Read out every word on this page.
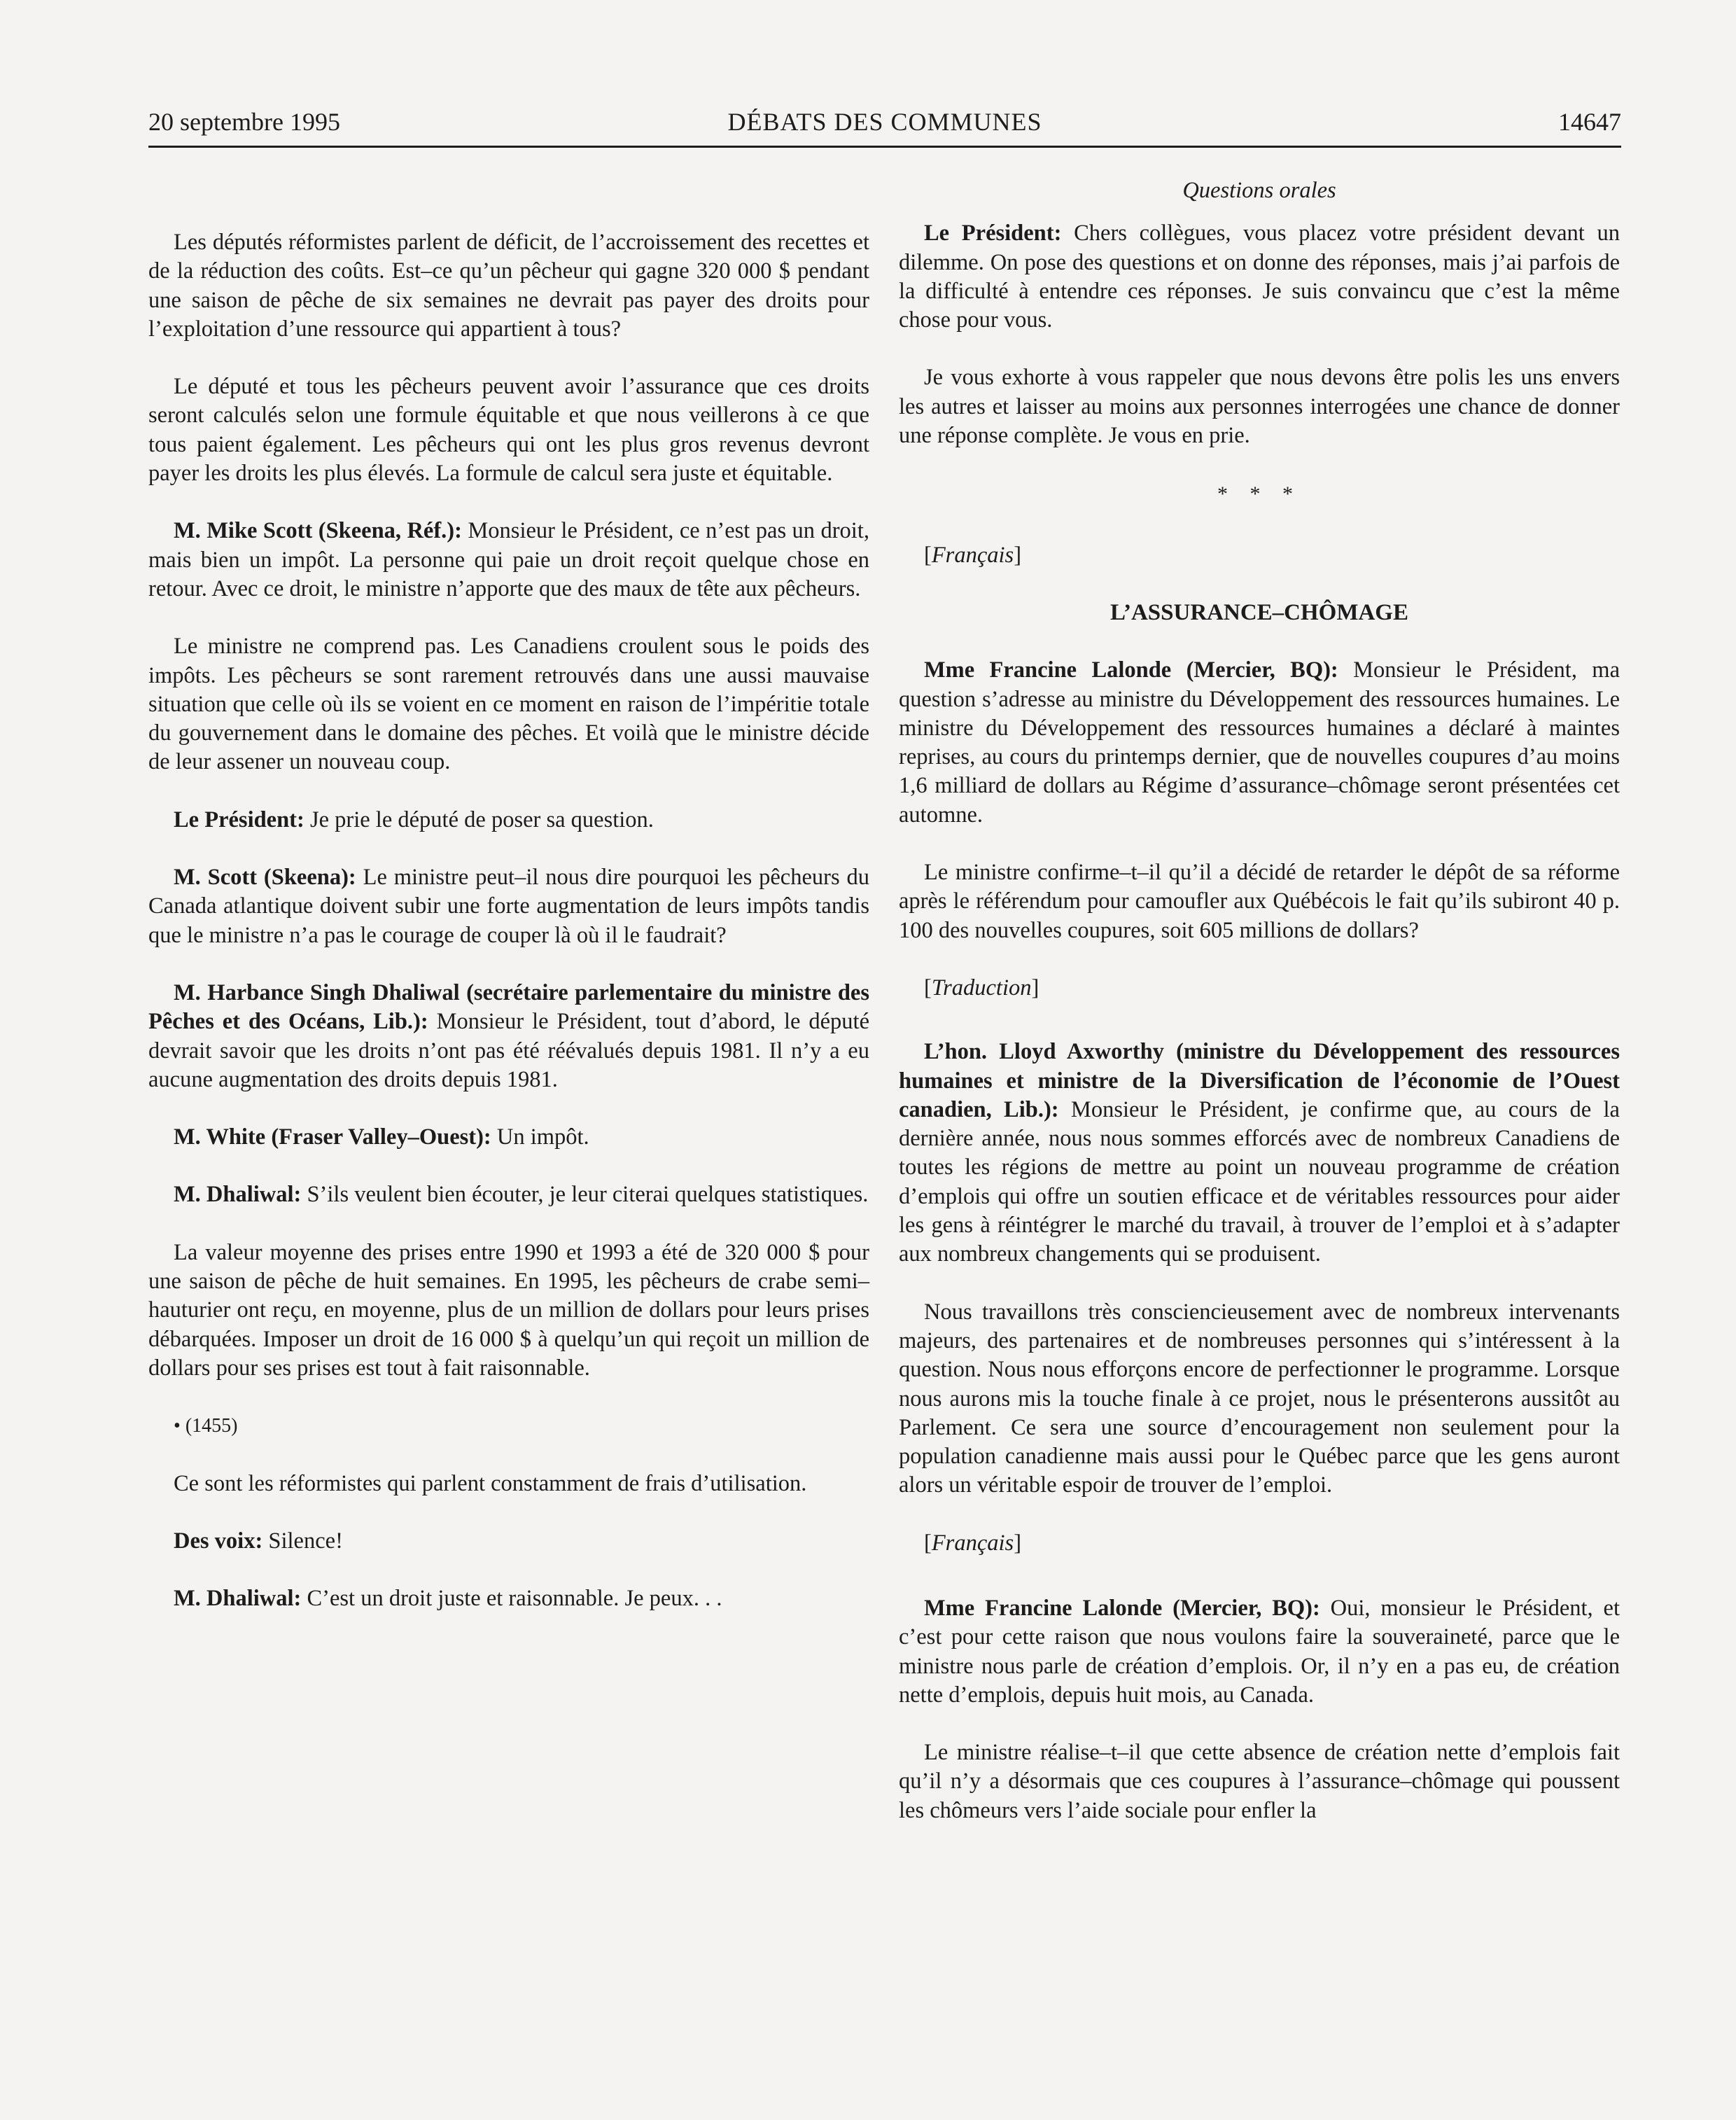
20 septembre 1995	DÉBATS DES COMMUNES	14647

Les députés réformistes parlent de déficit, de l’accroissement des recettes et de la réduction des coûts. Est–ce qu’un pêcheur qui gagne 320 000 $ pendant une saison de pêche de six semaines ne devrait pas payer des droits pour l’exploitation d’une ressource qui appartient à tous?

Le député et tous les pêcheurs peuvent avoir l’assurance que ces droits seront calculés selon une formule équitable et que nous veillerons à ce que tous paient également. Les pêcheurs qui ont les plus gros revenus devront payer les droits les plus élevés. La formule de calcul sera juste et équitable.

M. Mike Scott (Skeena, Réf.): Monsieur le Président, ce n’est pas un droit, mais bien un impôt. La personne qui paie un droit reçoit quelque chose en retour. Avec ce droit, le ministre n’apporte que des maux de tête aux pêcheurs.

Le ministre ne comprend pas. Les Canadiens croulent sous le poids des impôts. Les pêcheurs se sont rarement retrouvés dans une aussi mauvaise situation que celle où ils se voient en ce moment en raison de l’impéritie totale du gouvernement dans le domaine des pêches. Et voilà que le ministre décide de leur assener un nouveau coup.

Le Président: Je prie le député de poser sa question.

M. Scott (Skeena): Le ministre peut–il nous dire pourquoi les pêcheurs du Canada atlantique doivent subir une forte augmentation de leurs impôts tandis que le ministre n’a pas le courage de couper là où il le faudrait?

M. Harbance Singh Dhaliwal (secrétaire parlementaire du ministre des Pêches et des Océans, Lib.): Monsieur le Président, tout d’abord, le député devrait savoir que les droits n’ont pas été réévalués depuis 1981. Il n’y a eu aucune augmentation des droits depuis 1981.

M. White (Fraser Valley–Ouest): Un impôt.

M. Dhaliwal: S’ils veulent bien écouter, je leur citerai quelques statistiques.

La valeur moyenne des prises entre 1990 et 1993 a été de 320 000 $ pour une saison de pêche de huit semaines. En 1995, les pêcheurs de crabe semi–hauturier ont reçu, en moyenne, plus de un million de dollars pour leurs prises débarquées. Imposer un droit de 16 000 $ à quelqu’un qui reçoit un million de dollars pour ses prises est tout à fait raisonnable.

• (1455)

Ce sont les réformistes qui parlent constamment de frais d’utilisation.

Des voix: Silence!

M. Dhaliwal: C’est un droit juste et raisonnable. Je peux. . .

Questions orales

Le Président: Chers collègues, vous placez votre président devant un dilemme. On pose des questions et on donne des réponses, mais j’ai parfois de la difficulté à entendre ces réponses. Je suis convaincu que c’est la même chose pour vous.

Je vous exhorte à vous rappeler que nous devons être polis les uns envers les autres et laisser au moins aux personnes interrogées une chance de donner une réponse complète. Je vous en prie.

* * *

[Français]

L’ASSURANCE–CHÔMAGE

Mme Francine Lalonde (Mercier, BQ): Monsieur le Président, ma question s’adresse au ministre du Développement des ressources humaines. Le ministre du Développement des ressources humaines a déclaré à maintes reprises, au cours du printemps dernier, que de nouvelles coupures d’au moins 1,6 milliard de dollars au Régime d’assurance–chômage seront présentées cet automne.

Le ministre confirme–t–il qu’il a décidé de retarder le dépôt de sa réforme après le référendum pour camoufler aux Québécois le fait qu’ils subiront 40 p. 100 des nouvelles coupures, soit 605 millions de dollars?

[Traduction]

L’hon. Lloyd Axworthy (ministre du Développement des ressources humaines et ministre de la Diversification de l’économie de l’Ouest canadien, Lib.): Monsieur le Président, je confirme que, au cours de la dernière année, nous nous sommes efforcés avec de nombreux Canadiens de toutes les régions de mettre au point un nouveau programme de création d’emplois qui offre un soutien efficace et de véritables ressources pour aider les gens à réintégrer le marché du travail, à trouver de l’emploi et à s’adapter aux nombreux changements qui se produisent.

Nous travaillons très consciencieusement avec de nombreux intervenants majeurs, des partenaires et de nombreuses personnes qui s’intéressent à la question. Nous nous efforçons encore de perfectionner le programme. Lorsque nous aurons mis la touche finale à ce projet, nous le présenterons aussitôt au Parlement. Ce sera une source d’encouragement non seulement pour la population canadienne mais aussi pour le Québec parce que les gens auront alors un véritable espoir de trouver de l’emploi.

[Français]

Mme Francine Lalonde (Mercier, BQ): Oui, monsieur le Président, et c’est pour cette raison que nous voulons faire la souveraineté, parce que le ministre nous parle de création d’emplois. Or, il n’y en a pas eu, de création nette d’emplois, depuis huit mois, au Canada.

Le ministre réalise–t–il que cette absence de création nette d’emplois fait qu’il n’y a désormais que ces coupures à l’assurance–chômage qui poussent les chômeurs vers l’aide sociale pour enfler la
